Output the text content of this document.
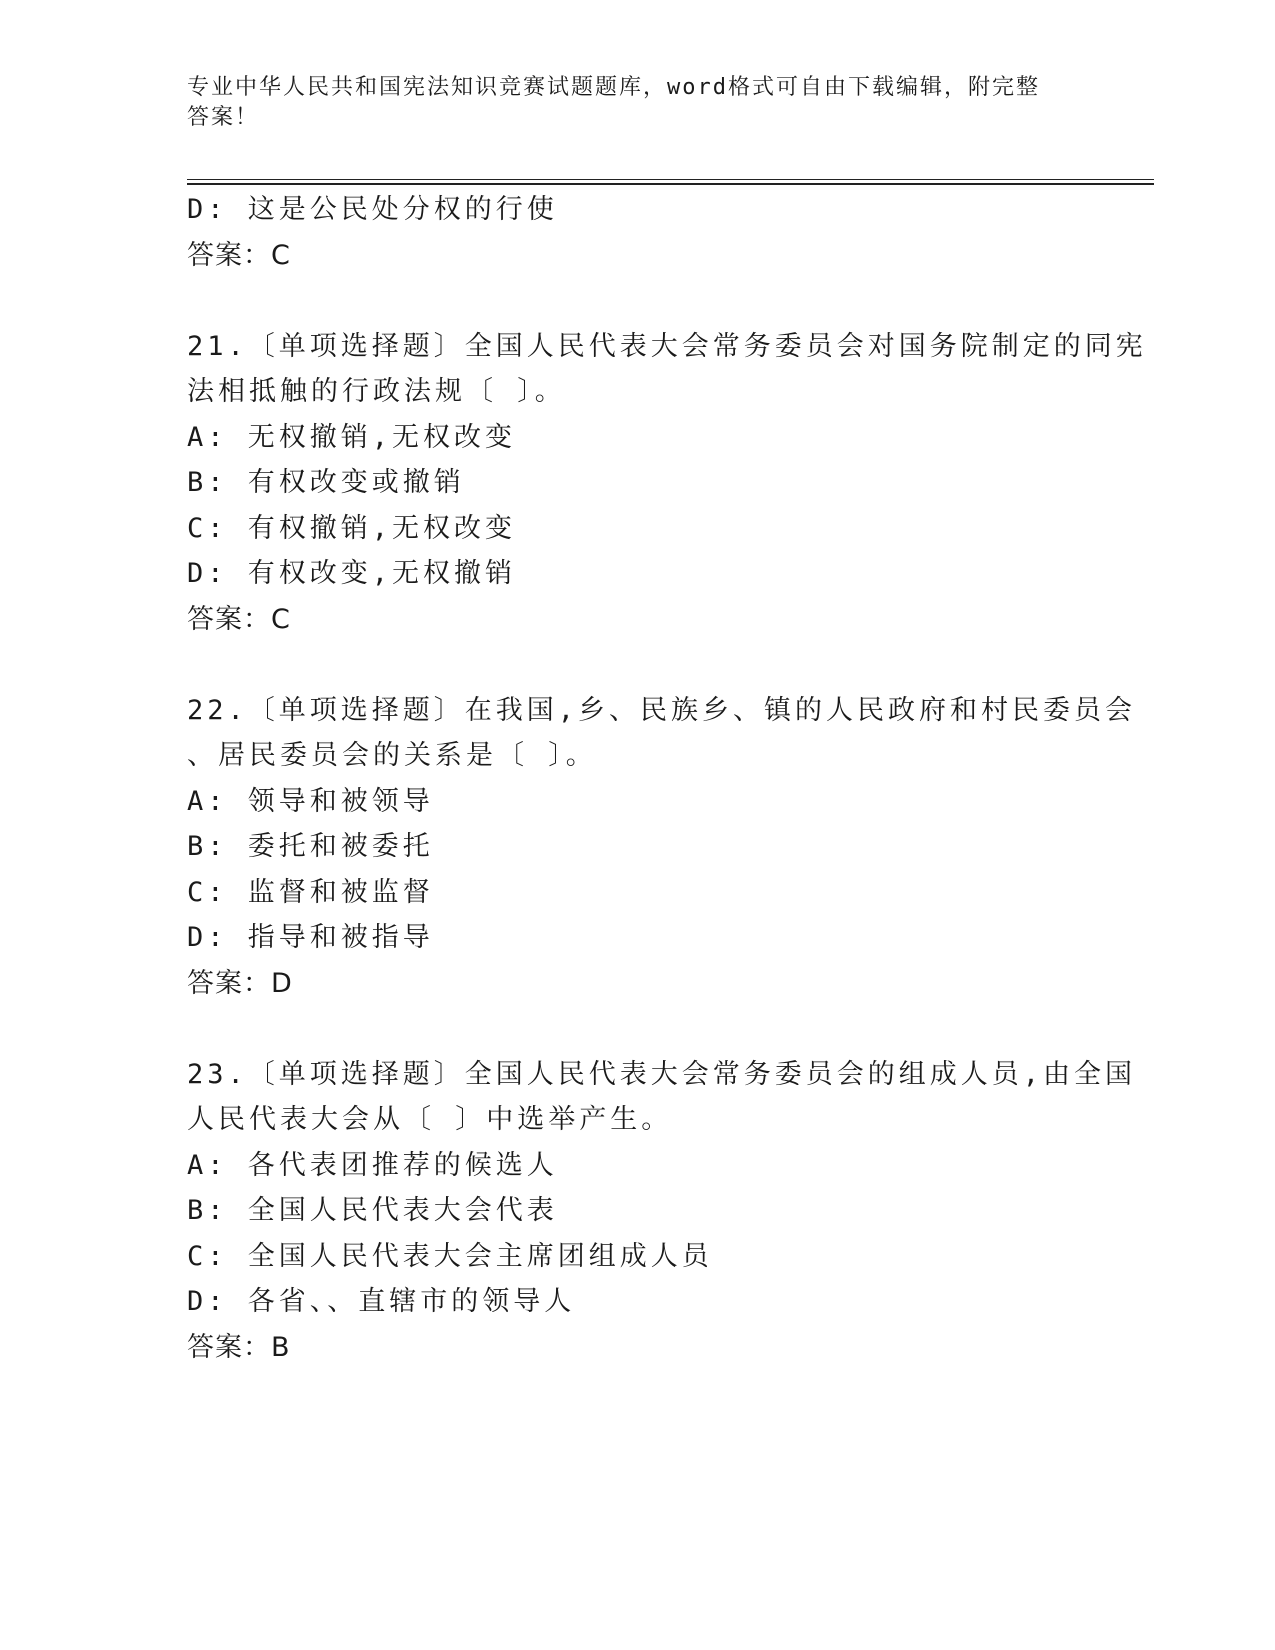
专业中华人民共和国宪法知识竞赛试题题库，word格式可自由下载编辑，附完整
答案！
D: 这是公民处分权的行使
答案：C
21.〔单项选择题〕全国人民代表大会常务委员会对国务院制定的同宪
法相抵触的行政法规〔 〕。
A: 无权撤销,无权改变
B: 有权改变或撤销
C: 有权撤销,无权改变
D: 有权改变,无权撤销
答案：C
22.〔单项选择题〕在我国,乡、民族乡、镇的人民政府和村民委员会
、居民委员会的关系是〔 〕。
A: 领导和被领导
B: 委托和被委托
C: 监督和被监督
D: 指导和被指导
答案：D
23.〔单项选择题〕全国人民代表大会常务委员会的组成人员,由全国
人民代表大会从〔 〕中选举产生。
A: 各代表团推荐的候选人
B: 全国人民代表大会代表
C: 全国人民代表大会主席团组成人员
D: 各省、、直辖市的领导人
答案：B
